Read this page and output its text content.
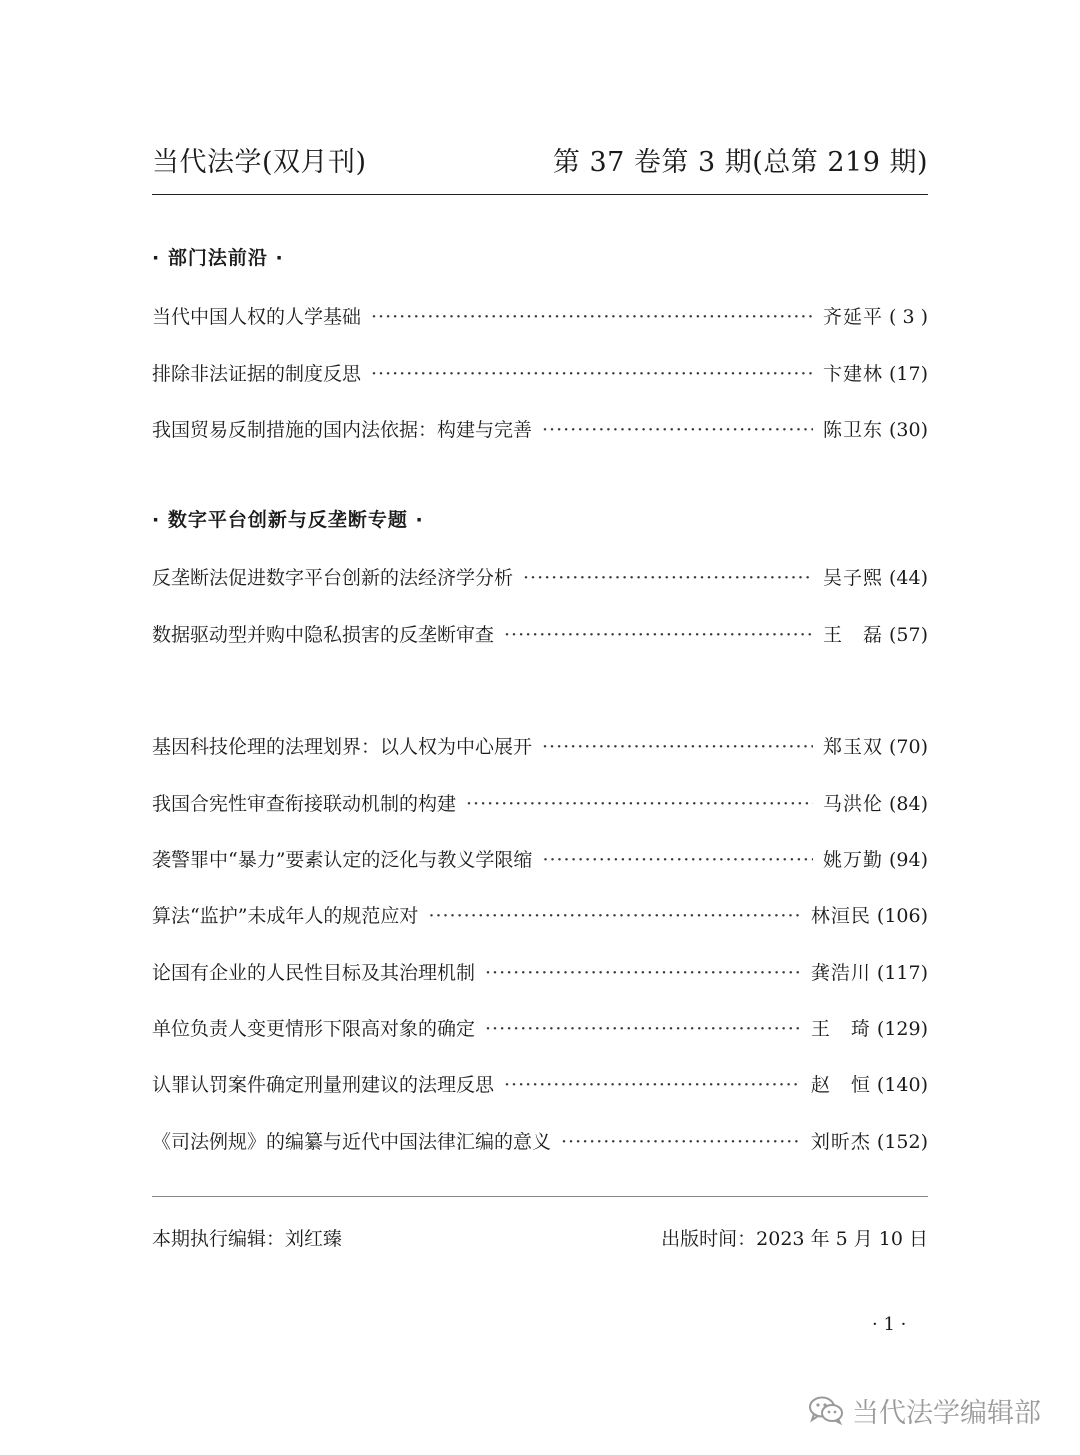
当代法学(双月刊)	第 37 卷第 3 期(总第 219 期)
· 部门法前沿 ·
当代中国人权的人学基础 ·····	齐延平 ( 3 )
排除非法证据的制度反思 ·····	卞建林 (17)
我国贸易反制措施的国内法依据：构建与完善 ·····	陈卫东 (30)
· 数字平台创新与反垄断专题 ·
反垄断法促进数字平台创新的法经济学分析 ·····	吴子熙 (44)
数据驱动型并购中隐私损害的反垄断审查 ·····	王　磊 (57)
基因科技伦理的法理划界：以人权为中心展开 ·····	郑玉双 (70)
我国合宪性审查衔接联动机制的构建 ·····	马洪伦 (84)
袭警罪中“暴力”要素认定的泛化与教义学限缩 ·····	姚万勤 (94)
算法“监护”未成年人的规范应对 ·····	林洹民 (106)
论国有企业的人民性目标及其治理机制 ·····	龚浩川 (117)
单位负责人变更情形下限高对象的确定 ·····	王　琦 (129)
认罪认罚案件确定刑量刑建议的法理反思 ·····	赵　恒 (140)
《司法例规》的编纂与近代中国法律汇编的意义 ·····	刘昕杰 (152)
本期执行编辑：刘红臻	出版时间：2023 年 5 月 10 日
· 1 ·
当代法学编辑部
